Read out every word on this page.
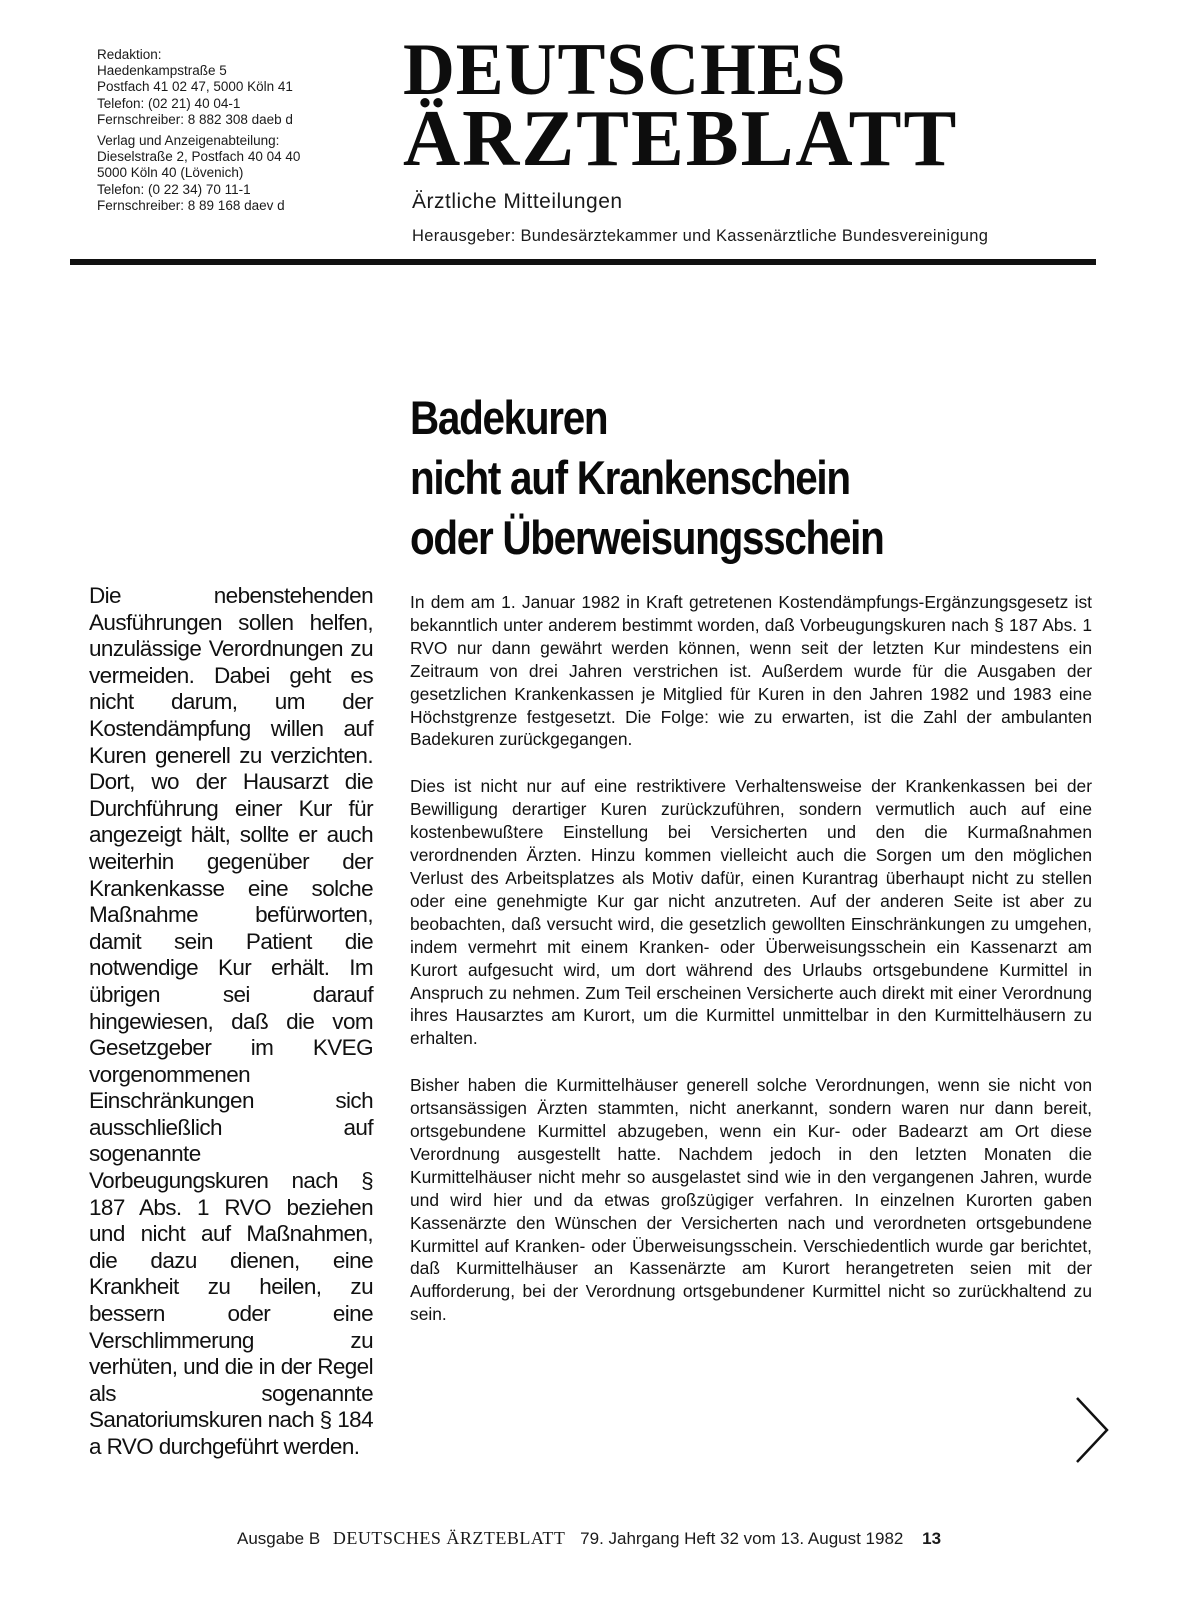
Redaktion:
Haedenkampstraße 5
Postfach 41 02 47, 5000 Köln 41
Telefon: (02 21) 40 04-1
Fernschreiber: 8 882 308 daeb d
Verlag und Anzeigenabteilung:
Dieselstraße 2, Postfach 40 04 40
5000 Köln 40 (Lövenich)
Telefon: (0 22 34) 70 11-1
Fernschreiber: 8 89 168 daev d
DEUTSCHES
ÄRZTEBLATT
Ärztliche Mitteilungen
Herausgeber: Bundesärztekammer und Kassenärztliche Bundesvereinigung
Badekuren
nicht auf Krankenschein
oder Überweisungsschein
Die nebenstehenden Ausführungen sollen helfen, unzulässige Verordnungen zu vermeiden. Dabei geht es nicht darum, um der Kostendämpfung willen auf Kuren generell zu verzichten. Dort, wo der Hausarzt die Durchführung einer Kur für angezeigt hält, sollte er auch weiterhin gegenüber der Krankenkasse eine solche Maßnahme befürworten, damit sein Patient die notwendige Kur erhält. Im übrigen sei darauf hingewiesen, daß die vom Gesetzgeber im KVEG vorgenommenen Einschränkungen sich ausschließlich auf sogenannte Vorbeugungskuren nach § 187 Abs. 1 RVO beziehen und nicht auf Maßnahmen, die dazu dienen, eine Krankheit zu heilen, zu bessern oder eine Verschlimmerung zu verhüten, und die in der Regel als sogenannte Sanatoriumskuren nach § 184 a RVO durchgeführt werden.

In dem am 1. Januar 1982 in Kraft getretenen Kostendämpfungs-Ergänzungsgesetz ist bekanntlich unter anderem bestimmt worden, daß Vorbeugungskuren nach § 187 Abs. 1 RVO nur dann gewährt werden können, wenn seit der letzten Kur mindestens ein Zeitraum von drei Jahren verstrichen ist. Außerdem wurde für die Ausgaben der gesetzlichen Krankenkassen je Mitglied für Kuren in den Jahren 1982 und 1983 eine Höchstgrenze festgesetzt. Die Folge: wie zu erwarten, ist die Zahl der ambulanten Badekuren zurückgegangen.

Dies ist nicht nur auf eine restriktivere Verhaltensweise der Krankenkassen bei der Bewilligung derartiger Kuren zurückzuführen, sondern vermutlich auch auf eine kostenbewußtere Einstellung bei Versicherten und den die Kurmaßnahmen verordnenden Ärzten. Hinzu kommen vielleicht auch die Sorgen um den möglichen Verlust des Arbeitsplatzes als Motiv dafür, einen Kurantrag überhaupt nicht zu stellen oder eine genehmigte Kur gar nicht anzutreten. Auf der anderen Seite ist aber zu beobachten, daß versucht wird, die gesetzlich gewollten Einschränkungen zu umgehen, indem vermehrt mit einem Kranken- oder Überweisungsschein ein Kassenarzt am Kurort aufgesucht wird, um dort während des Urlaubs ortsgebundene Kurmittel in Anspruch zu nehmen. Zum Teil erscheinen Versicherte auch direkt mit einer Verordnung ihres Hausarztes am Kurort, um die Kurmittel unmittelbar in den Kurmittelhäusern zu erhalten.

Bisher haben die Kurmittelhäuser generell solche Verordnungen, wenn sie nicht von ortsansässigen Ärzten stammten, nicht anerkannt, sondern waren nur dann bereit, ortsgebundene Kurmittel abzugeben, wenn ein Kur- oder Badearzt am Ort diese Verordnung ausgestellt hatte. Nachdem jedoch in den letzten Monaten die Kurmittelhäuser nicht mehr so ausgelastet sind wie in den vergangenen Jahren, wurde und wird hier und da etwas großzügiger verfahren. In einzelnen Kurorten gaben Kassenärzte den Wünschen der Versicherten nach und verordneten ortsgebundene Kurmittel auf Kranken- oder Überweisungsschein. Verschiedentlich wurde gar berichtet, daß Kurmittelhäuser an Kassenärzte am Kurort herangetreten seien mit der Aufforderung, bei der Verordnung ortsgebundener Kurmittel nicht so zurückhaltend zu sein.

Ausgabe B DEUTSCHES ÄRZTEBLATT 79. Jahrgang Heft 32 vom 13. August 1982 13
